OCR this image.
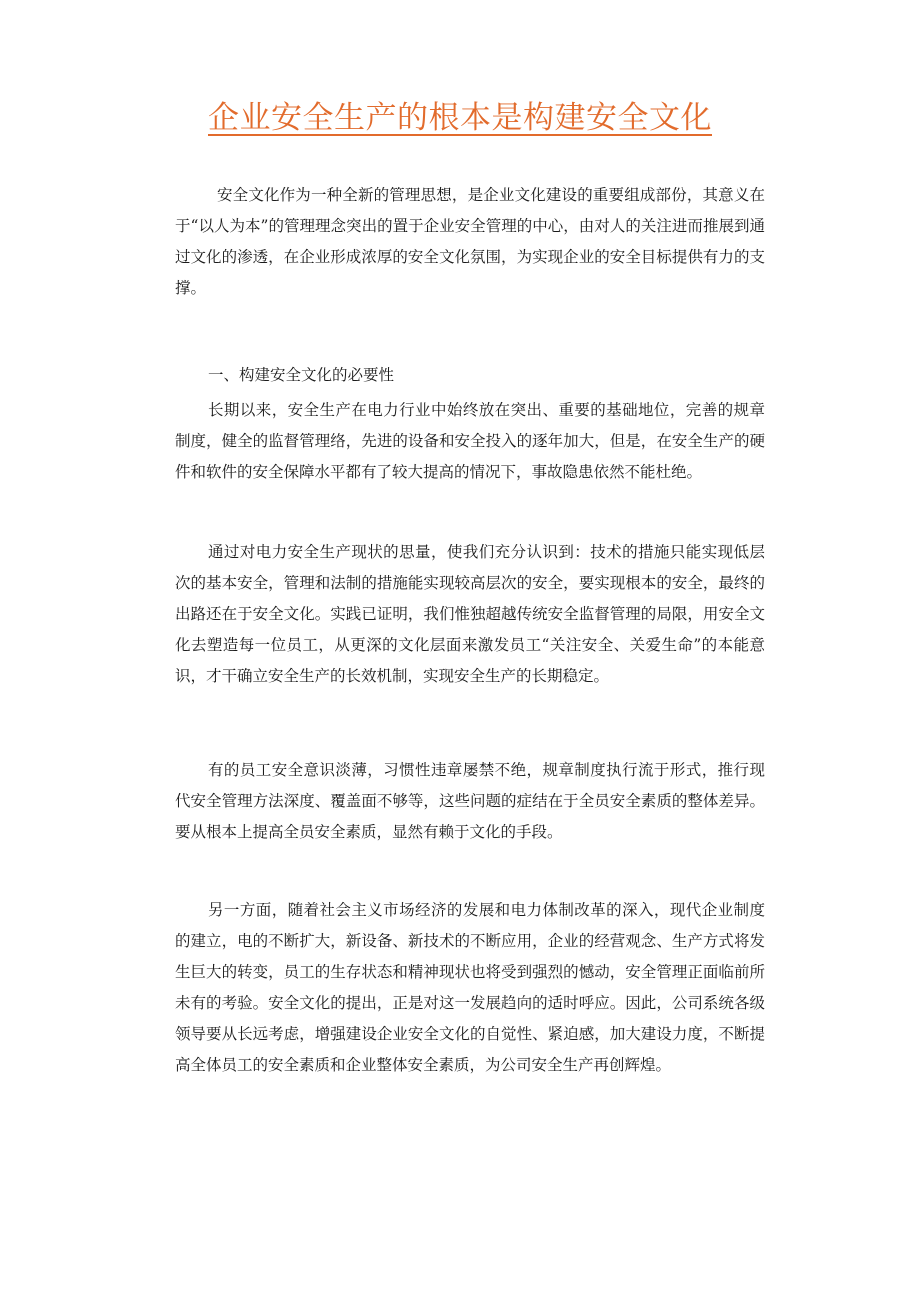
企业安全生产的根本是构建安全文化

安全文化作为一种全新的管理思想，是企业文化建设的重要组成部份，其意义在于“以人为本”的管理理念突出的置于企业安全管理的中心，由对人的关注进而推展到通过文化的渗透，在企业形成浓厚的安全文化氛围，为实现企业的安全目标提供有力的支撑。

一、构建安全文化的必要性

长期以来，安全生产在电力行业中始终放在突出、重要的基础地位，完善的规章制度，健全的监督管理络，先进的设备和安全投入的逐年加大，但是，在安全生产的硬件和软件的安全保障水平都有了较大提高的情况下，事故隐患依然不能杜绝。

通过对电力安全生产现状的思量，使我们充分认识到：技术的措施只能实现低层次的基本安全，管理和法制的措施能实现较高层次的安全，要实现根本的安全，最终的出路还在于安全文化。实践已证明，我们惟独超越传统安全监督管理的局限，用安全文化去塑造每一位员工，从更深的文化层面来激发员工“关注安全、关爱生命”的本能意识，才干确立安全生产的长效机制，实现安全生产的长期稳定。

有的员工安全意识淡薄，习惯性违章屡禁不绝，规章制度执行流于形式，推行现代安全管理方法深度、覆盖面不够等，这些问题的症结在于全员安全素质的整体差异。要从根本上提高全员安全素质，显然有赖于文化的手段。

另一方面，随着社会主义市场经济的发展和电力体制改革的深入，现代企业制度的建立，电的不断扩大，新设备、新技术的不断应用，企业的经营观念、生产方式将发生巨大的转变，员工的生存状态和精神现状也将受到强烈的憾动，安全管理正面临前所未有的考验。安全文化的提出，正是对这一发展趋向的适时呼应。因此，公司系统各级领导要从长远考虑，增强建设企业安全文化的自觉性、紧迫感，加大建设力度，不断提高全体员工的安全素质和企业整体安全素质，为公司安全生产再创辉煌。
